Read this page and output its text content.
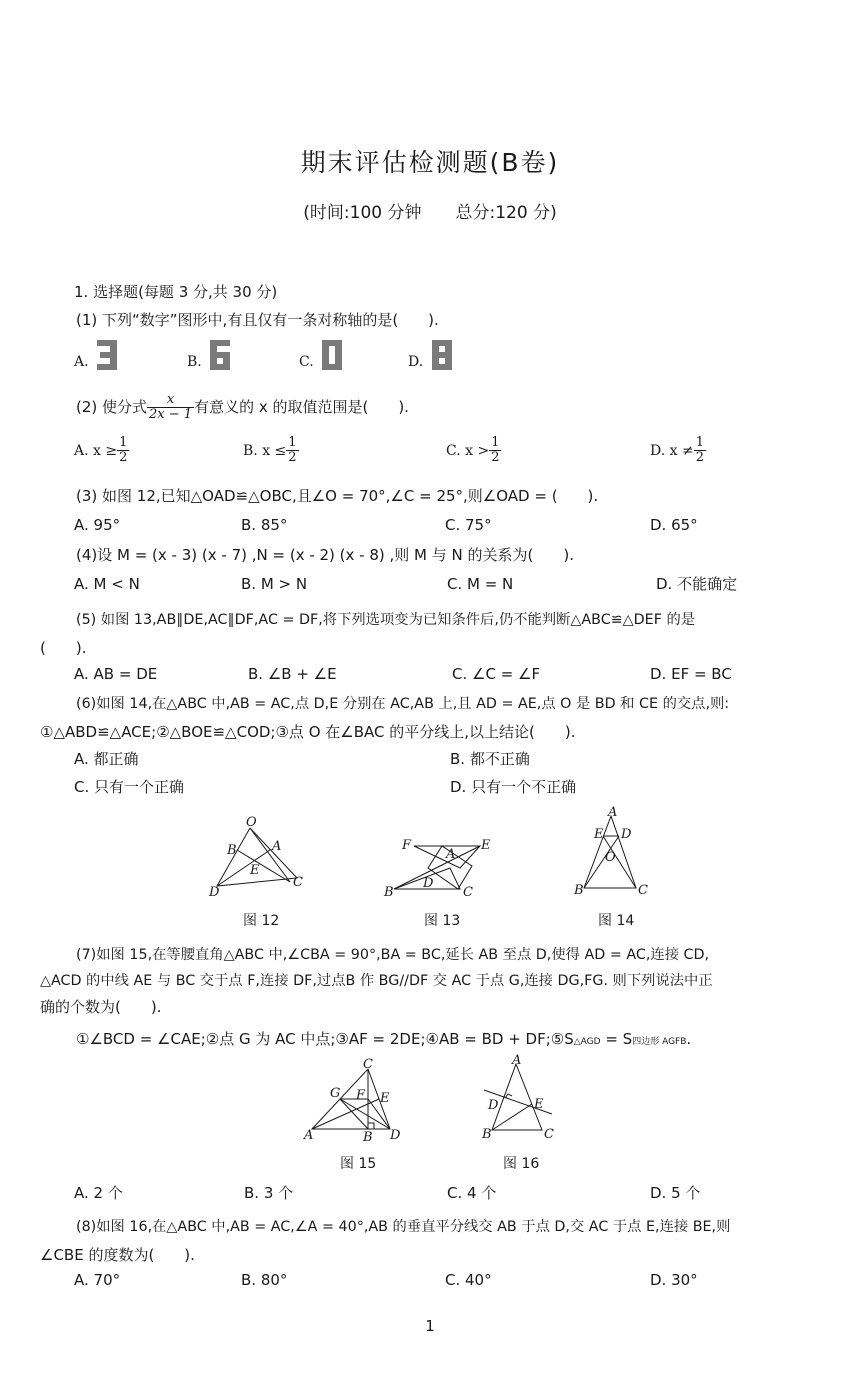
期末评估检测题(B卷)
(时间:100 分钟　　总分:120 分)
1. 选择题(每题 3 分,共 30 分)
(1) 下列“数字”图形中,有且仅有一条对称轴的是(　　).
A.	B.	C.	D.
(2) 使分式 $\frac{x}{2x - 1}$ 有意义的 x 的取值范围是(　　).
A. $x \ge \frac{1}{2}$	B. $x \le \frac{1}{2}$	C. $x > \frac{1}{2}$	D. $x \ne \frac{1}{2}$
(3) 如图 12,已知△OAD≌△OBC,且∠O = 70°,∠C = 25°,则∠OAD = (　　).
A. 95°	B. 85°	C. 75°	D. 65°
(4)设 M = (x - 3) (x - 7) ,N = (x - 2) (x - 8) ,则 M 与 N 的关系为(　　).
A. M < N	B. M > N	C. M = N	D. 不能确定
(5) 如图 13,AB∥DE,AC∥DF,AC = DF,将下列选项变为已知条件后,仍不能判断△ABC≌△DEF 的是
(　　).
A. AB = DE	B. ∠B + ∠E	C. ∠C = ∠F	D. EF = BC
(6)如图 14,在△ABC 中,AB = AC,点 D,E 分别在 AC,AB 上,且 AD = AE,点 O 是 BD 和 CE 的交点,则:
①△ABD≌△ACE;②△BOE≌△COD;③点 O 在∠BAC 的平分线上,以上结论(　　).
A. 都正确	B. 都不正确
C. 只有一个正确	D. 只有一个不正确
O
B	A
E
D
C
图 12
F	E
A
D
B	C
图 13
A
E D
O
B	C
图 14
(7)如图 15,在等腰直角△ABC 中,∠CBA = 90°,BA = BC,延长 AB 至点 D,使得 AD = AC,连接 CD,
△ACD 的中线 AE 与 BC 交于点 F,连接 DF,过点B 作 BG//DF 交 AC 于点 G,连接 DG,FG. 则下列说法中正
确的个数为(　　).
①∠BCD = ∠CAE;②点 G 为 AC 中点;③AF = 2DE;④AB = BD + DF;⑤S△AGD = S四边形 AGFB.
C
G F E
A	B D
图 15
A
D	E
B	C
图 16
A. 2 个	B. 3 个	C. 4 个	D. 5 个
(8)如图 16,在△ABC 中,AB = AC,∠A = 40°,AB 的垂直平分线交 AB 于点 D,交 AC 于点 E,连接 BE,则
∠CBE 的度数为(　　).
A. 70°	B. 80°	C. 40°	D. 30°
1
